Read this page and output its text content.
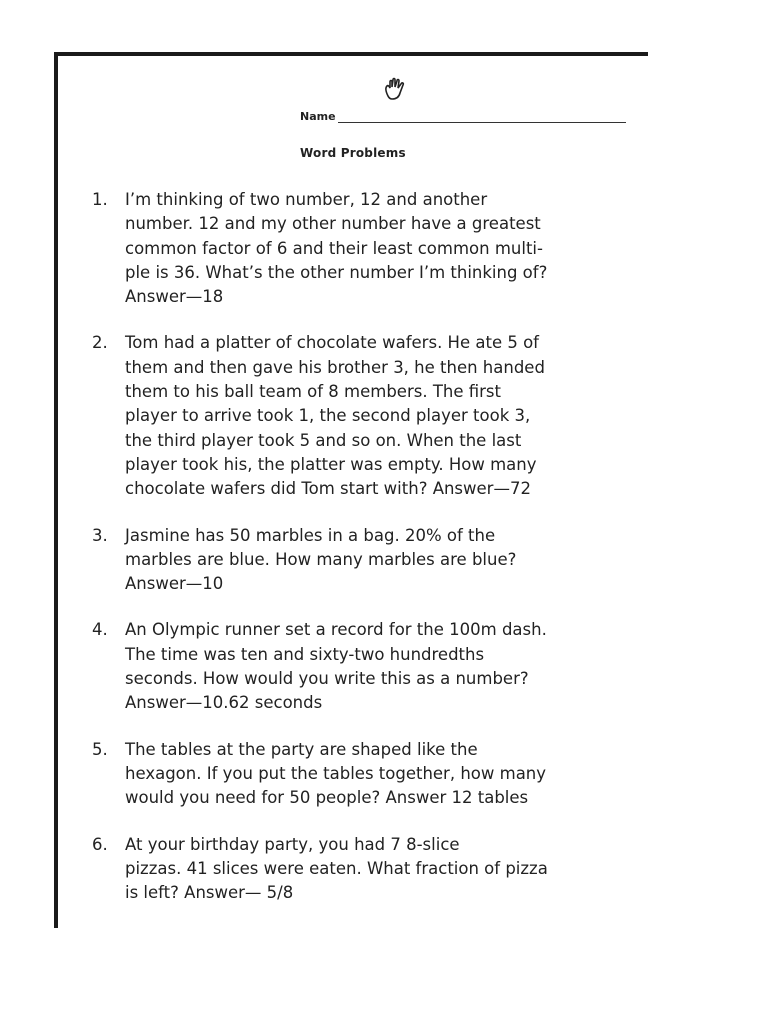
Name
Word Problems
1.	I’m thinking of two number, 12 and another
number. 12 and my other number have a greatest
common factor of 6 and their least common multi-
ple is 36. What’s the other number I’m thinking of?
Answer—18
2.	Tom had a platter of chocolate wafers. He ate 5 of
them and then gave his brother 3, he then handed
them to his ball team of 8 members. The first
player to arrive took 1, the second player took 3,
the third player took 5 and so on. When the last
player took his, the platter was empty. How many
chocolate wafers did Tom start with? Answer—72
3.	Jasmine has 50 marbles in a bag. 20% of the
marbles are blue. How many marbles are blue?
Answer—10
4.	An Olympic runner set a record for the 100m dash.
The time was ten and sixty-two hundredths
seconds. How would you write this as a number?
Answer—10.62 seconds
5.	The tables at the party are shaped like the
hexagon. If you put the tables together, how many
would you need for 50 people? Answer 12 tables
6.	At your birthday party, you had 7 8-slice
pizzas. 41 slices were eaten. What fraction of pizza
is left? Answer— 5/8
